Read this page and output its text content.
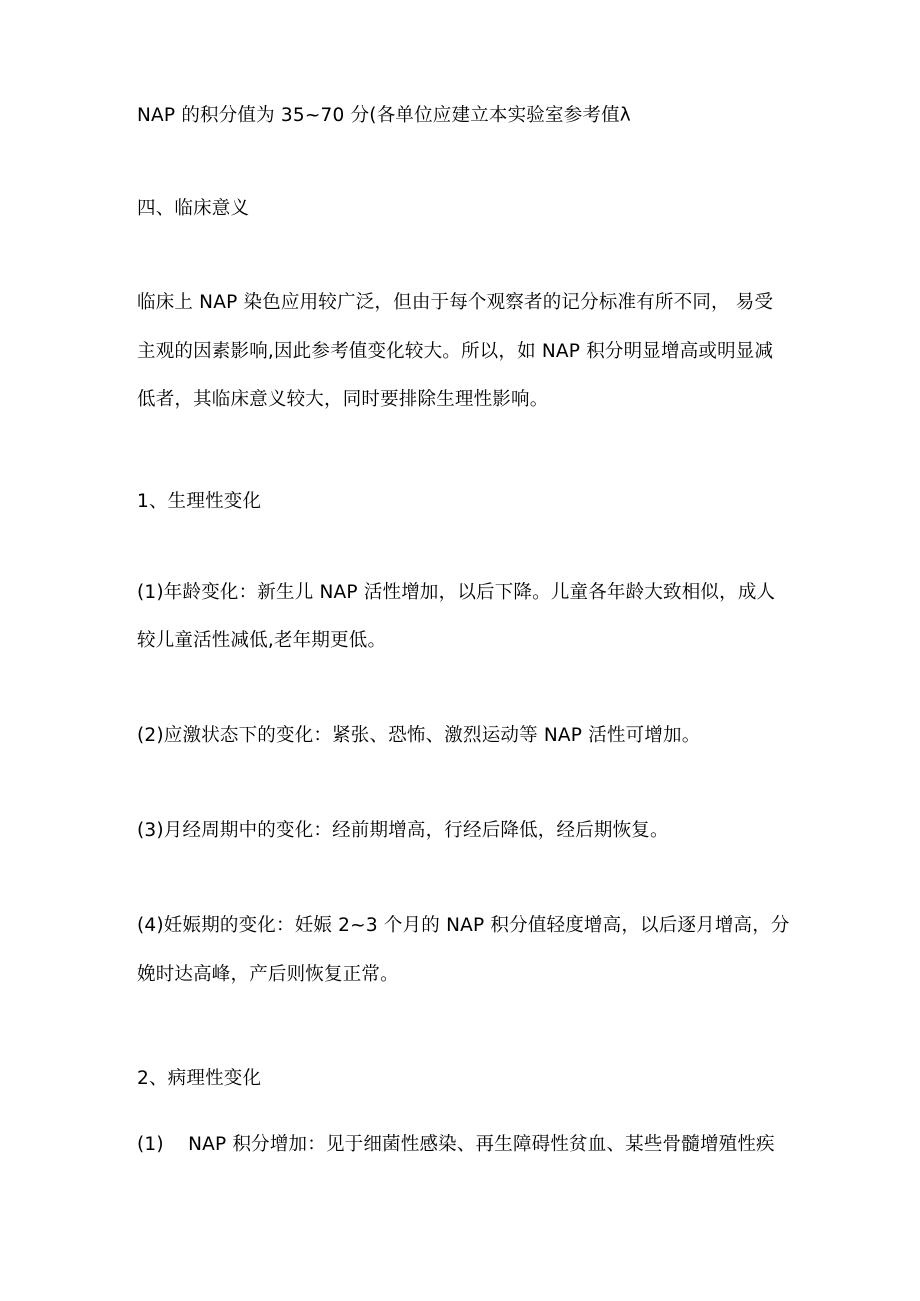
NAP 的积分值为 35~70 分(各单位应建立本实验室参考值λ
四、临床意义
临床上 NAP 染色应用较广泛，但由于每个观察者的记分标准有所不同， 易受
主观的因素影响,因此参考值变化较大。所以，如 NAP 积分明显增高或明显减
低者，其临床意义较大，同时要排除生理性影响。
1、生理性变化
(1)年龄变化：新生儿 NAP 活性增加，以后下降。儿童各年龄大致相似，成人
较儿童活性减低,老年期更低。
(2)应激状态下的变化：紧张、恐怖、激烈运动等 NAP 活性可增加。
(3)月经周期中的变化：经前期增高，行经后降低，经后期恢复。
(4)妊娠期的变化：妊娠 2~3 个月的 NAP 积分值轻度增高，以后逐月增高，分
娩时达高峰，产后则恢复正常。
2、病理性变化
(1)    NAP 积分增加：见于细菌性感染、再生障碍性贫血、某些骨髓增殖性疾
